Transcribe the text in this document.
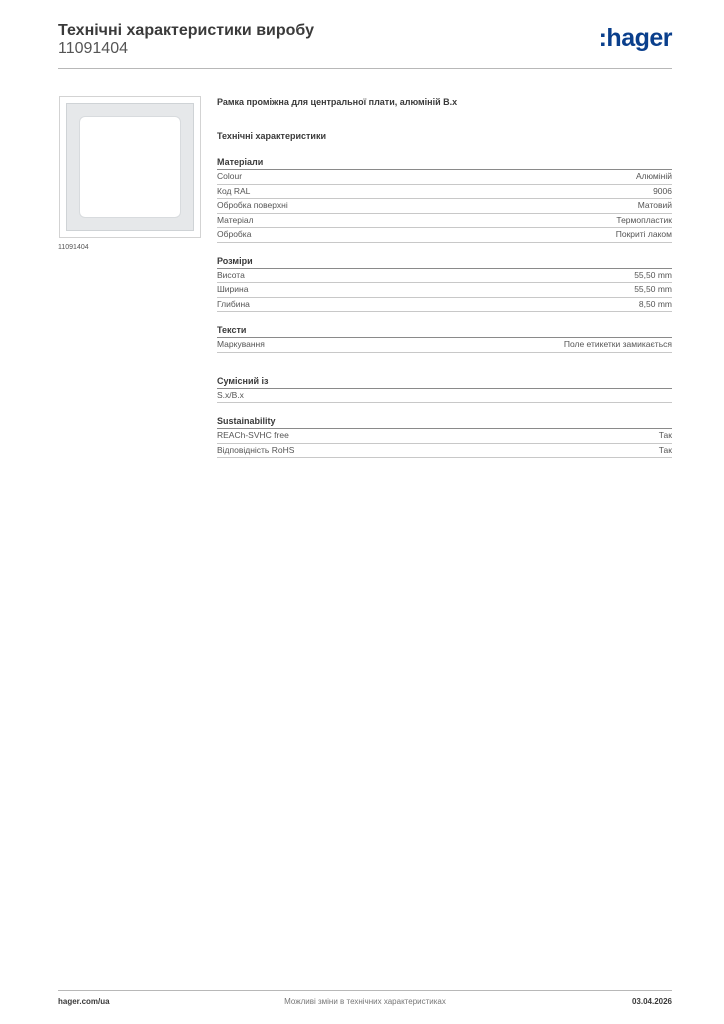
Технічні характеристики виробу
11091404	:hager
11091404
Рамка проміжна для центральної плати, алюміній B.x
Технічні характеристики
Матеріали
Colour	Алюміній
Код RAL	9006
Обробка поверхні	Матовий
Матеріал	Термопластик
Обробка	Покриті лаком
Розміри
Висота	55,50 mm
Ширина	55,50 mm
Глибина	8,50 mm
Тексти
Маркування	Поле етикетки замикається
Сумісний із
S.x/B.x
Sustainability
REACh-SVHC free	Так
Відповідність RoHS	Так
hager.com/ua	Можливі зміни в технічних характеристиках	03.04.2026
